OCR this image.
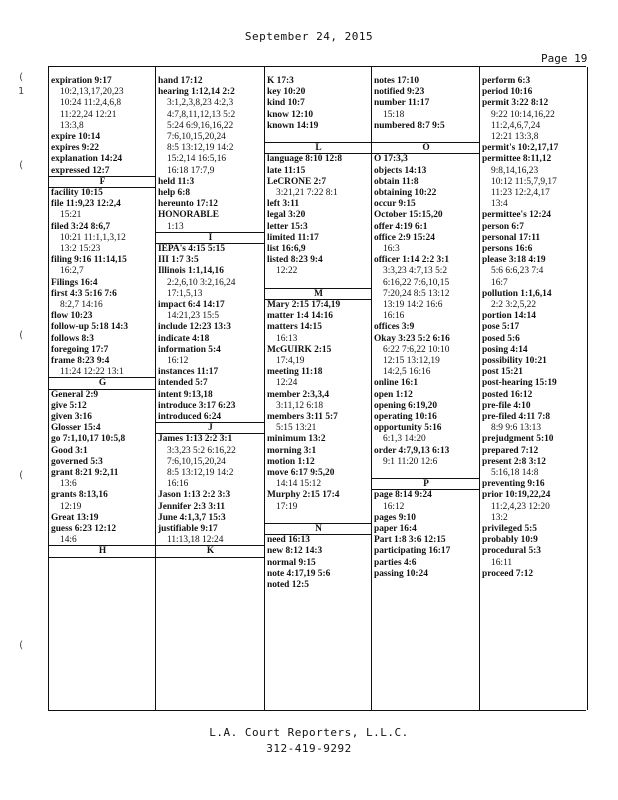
September 24, 2015
Page 19
(
1
(
(
(
(
expiration 9:17
10:2,13,17,20,23
10:24 11:2,4,6,8
11:22,24 12:21
13:3,8
expire 10:14
expires 9:22
explanation 14:24
expressed 12:7
F
facility 10:15
file 11:9,23 12:2,4
15:21
filed 3:24 8:6,7
10:21 11:1,1,3,12
13:2 15:23
filing 9:16 11:14,15
16:2,7
Filings 16:4
first 4:3 5:16 7:6
8:2,7 14:16
flow 10:23
follow-up 5:18 14:3
follows 8:3
foregoing 17:7
frame 8:23 9:4
11:24 12:22 13:1
G
General 2:9
give 5:12
given 3:16
Glosser 15:4
go 7:1,10,17 10:5,8
Good 3:1
governed 5:3
grant 8:21 9:2,11
13:6
grants 8:13,16
12:19
Great 13:19
guess 6:23 12:12
14:6
H
hand 17:12
hearing 1:12,14 2:2
3:1,2,3,8,23 4:2,3
4:7,8,11,12,13 5:2
5:24 6:9,16,16,22
7:6,10,15,20,24
8:5 13:12,19 14:2
15:2,14 16:5,16
16:18 17:7,9
held 11:3
help 6:8
hereunto 17:12
HONORABLE
1:13
I
IEPA's 4:15 5:15
III 1:7 3:5
Illinois 1:1,14,16
2:2,6,10 3:2,16,24
17:1,5,13
impact 6:4 14:17
14:21,23 15:5
include 12:23 13:3
indicate 4:18
information 5:4
16:12
instances 11:17
intended 5:7
intent 9:13,18
introduce 3:17 6:23
introduced 6:24
J
James 1:13 2:2 3:1
3:3,23 5:2 6:16,22
7:6,10,15,20,24
8:5 13:12,19 14:2
16:16
Jason 1:13 2:2 3:3
Jennifer 2:3 3:11
June 4:1,3,7 15:3
justifiable 9:17
11:13,18 12:24
K
K 17:3
key 10:20
kind 10:7
know 12:10
known 14:19
L
language 8:10 12:8
late 11:15
LeCRONE 2:7
3:21,21 7:22 8:1
left 3:11
legal 3:20
letter 15:3
limited 11:17
list 16:6,9
listed 8:23 9:4
12:22
M
Mary 2:15 17:4,19
matter 1:4 14:16
matters 14:15
16:13
McGUIRK 2:15
17:4,19
meeting 11:18
12:24
member 2:3,3,4
3:11,12 6:18
members 3:11 5:7
5:15 13:21
minimum 13:2
morning 3:1
motion 1:12
move 6:17 9:5,20
14:14 15:12
Murphy 2:15 17:4
17:19
N
need 16:13
new 8:12 14:3
normal 9:15
note 4:17,19 5:6
noted 12:5
notes 17:10
notified 9:23
number 11:17
15:18
numbered 8:7 9:5
O
O 17:3,3
objects 14:13
obtain 11:8
obtaining 10:22
occur 9:15
October 15:15,20
offer 4:19 6:1
office 2:9 15:24
16:3
officer 1:14 2:2 3:1
3:3,23 4:7,13 5:2
6:16,22 7:6,10,15
7:20,24 8:5 13:12
13:19 14:2 16:6
16:16
offices 3:9
Okay 3:23 5:2 6:16
6:22 7:6,22 10:10
12:15 13:12,19
14:2,5 16:16
online 16:1
open 1:12
opening 6:19,20
operating 10:16
opportunity 5:16
6:1,3 14:20
order 4:7,9,13 6:13
9:1 11:20 12:6
P
page 8:14 9:24
16:12
pages 9:10
paper 16:4
Part 1:8 3:6 12:15
participating 16:17
parties 4:6
passing 10:24
perform 6:3
period 10:16
permit 3:22 8:12
9:22 10:14,16,22
11:2,4,6,7,24
12:21 13:3,8
permit's 10:2,17,17
permittee 8:11,12
9:8,14,16,23
10:12 11:5,7,9,17
11:23 12:2,4,17
13:4
permittee's 12:24
person 6:7
personal 17:11
persons 16:6
please 3:18 4:19
5:6 6:6,23 7:4
16:7
pollution 1:1,6,14
2:2 3:2,5,22
portion 14:14
pose 5:17
posed 5:6
posing 4:14
possibility 10:21
post 15:21
post-hearing 15:19
posted 16:12
pre-file 4:10
pre-filed 4:11 7:8
8:9 9:6 13:13
prejudgment 5:10
prepared 7:12
present 2:8 3:12
5:16,18 14:8
preventing 9:16
prior 10:19,22,24
11:2,4,23 12:20
13:2
privileged 5:5
probably 10:9
procedural 5:3
16:11
proceed 7:12
L.A. Court Reporters, L.L.C.
312-419-9292
